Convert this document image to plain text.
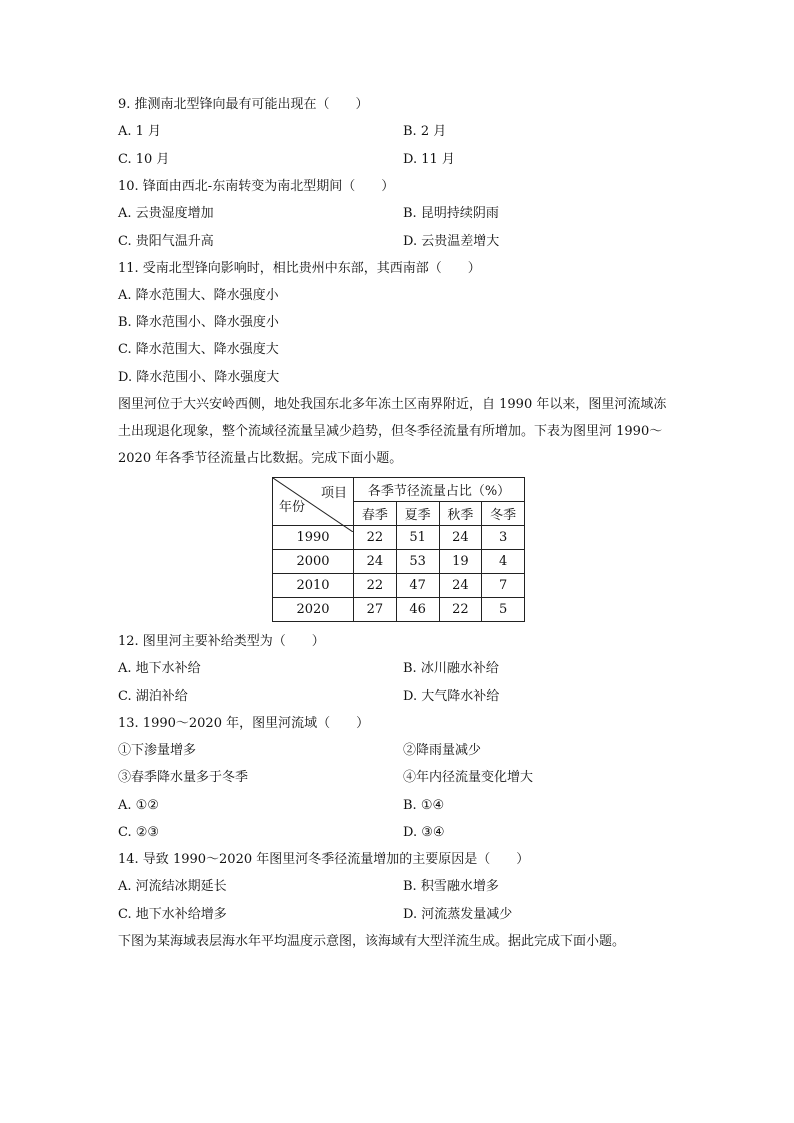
9. 推测南北型锋向最有可能出现在（　　）
A. 1 月	B. 2 月
C. 10 月	D. 11 月
10. 锋面由西北-东南转变为南北型期间（　　）
A. 云贵湿度增加	B. 昆明持续阴雨
C. 贵阳气温升高	D. 云贵温差增大
11. 受南北型锋向影响时，相比贵州中东部，其西南部（　　）
A. 降水范围大、降水强度小
B. 降水范围小、降水强度小
C. 降水范围大、降水强度大
D. 降水范围小、降水强度大
图里河位于大兴安岭西侧，地处我国东北多年冻土区南界附近，自 1990 年以来，图里河流域冻土出现退化现象，整个流域径流量呈减少趋势，但冬季径流量有所增加。下表为图里河 1990～2020 年各季节径流量占比数据。完成下面小题。
项目
年份	各季节径流量占比（%）			
	春季	夏季	秋季	冬季
1990	22	51	24	3
2000	24	53	19	4
2010	22	47	24	7
2020	27	46	22	5
12. 图里河主要补给类型为（　　）
A. 地下水补给	B. 冰川融水补给
C. 湖泊补给	D. 大气降水补给
13. 1990～2020 年，图里河流域（　　）
①下渗量增多	②降雨量减少
③春季降水量多于冬季	④年内径流量变化增大
A. ①②	B. ①④
C. ②③	D. ③④
14. 导致 1990～2020 年图里河冬季径流量增加的主要原因是（　　）
A. 河流结冰期延长	B. 积雪融水增多
C. 地下水补给增多	D. 河流蒸发量减少
下图为某海域表层海水年平均温度示意图，该海域有大型洋流生成。据此完成下面小题。
